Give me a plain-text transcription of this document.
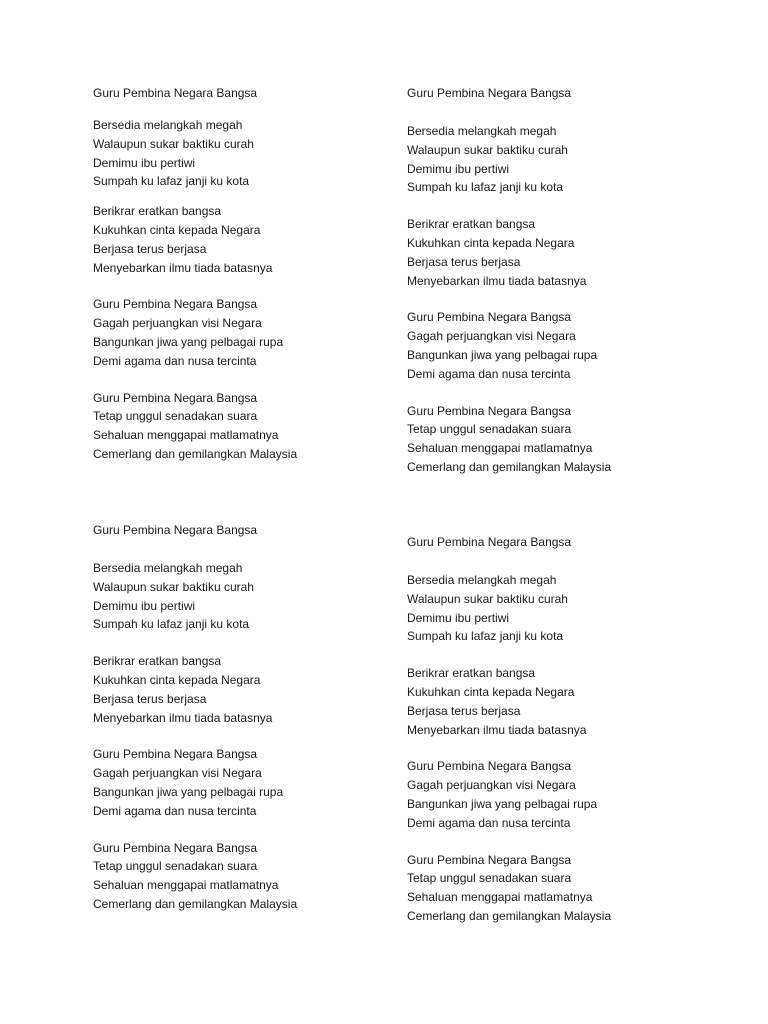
Guru Pembina Negara Bangsa
Bersedia melangkah megah
Walaupun sukar baktiku curah
Demimu ibu pertiwi
Sumpah ku lafaz janji ku kota
Berikrar eratkan bangsa
Kukuhkan cinta kepada Negara
Berjasa terus berjasa
Menyebarkan ilmu tiada batasnya
Guru Pembina Negara Bangsa
Gagah perjuangkan visi Negara
Bangunkan jiwa yang pelbagai rupa
Demi agama dan nusa tercinta
Guru Pembina Negara Bangsa
Tetap unggul senadakan suara
Sehaluan menggapai matlamatnya
Cemerlang dan gemilangkan Malaysia
Guru Pembina Negara Bangsa
Bersedia melangkah megah
Walaupun sukar baktiku curah
Demimu ibu pertiwi
Sumpah ku lafaz janji ku kota
Berikrar eratkan bangsa
Kukuhkan cinta kepada Negara
Berjasa terus berjasa
Menyebarkan ilmu tiada batasnya
Guru Pembina Negara Bangsa
Gagah perjuangkan visi Negara
Bangunkan jiwa yang pelbagai rupa
Demi agama dan nusa tercinta
Guru Pembina Negara Bangsa
Tetap unggul senadakan suara
Sehaluan menggapai matlamatnya
Cemerlang dan gemilangkan Malaysia
Guru Pembina Negara Bangsa
Bersedia melangkah megah
Walaupun sukar baktiku curah
Demimu ibu pertiwi
Sumpah ku lafaz janji ku kota
Berikrar eratkan bangsa
Kukuhkan cinta kepada Negara
Berjasa terus berjasa
Menyebarkan ilmu tiada batasnya
Guru Pembina Negara Bangsa
Gagah perjuangkan visi Negara
Bangunkan jiwa yang pelbagai rupa
Demi agama dan nusa tercinta
Guru Pembina Negara Bangsa
Tetap unggul senadakan suara
Sehaluan menggapai matlamatnya
Cemerlang dan gemilangkan Malaysia
Guru Pembina Negara Bangsa
Bersedia melangkah megah
Walaupun sukar baktiku curah
Demimu ibu pertiwi
Sumpah ku lafaz janji ku kota
Berikrar eratkan bangsa
Kukuhkan cinta kepada Negara
Berjasa terus berjasa
Menyebarkan ilmu tiada batasnya
Guru Pembina Negara Bangsa
Gagah perjuangkan visi Negara
Bangunkan jiwa yang pelbagai rupa
Demi agama dan nusa tercinta
Guru Pembina Negara Bangsa
Tetap unggul senadakan suara
Sehaluan menggapai matlamatnya
Cemerlang dan gemilangkan Malaysia
